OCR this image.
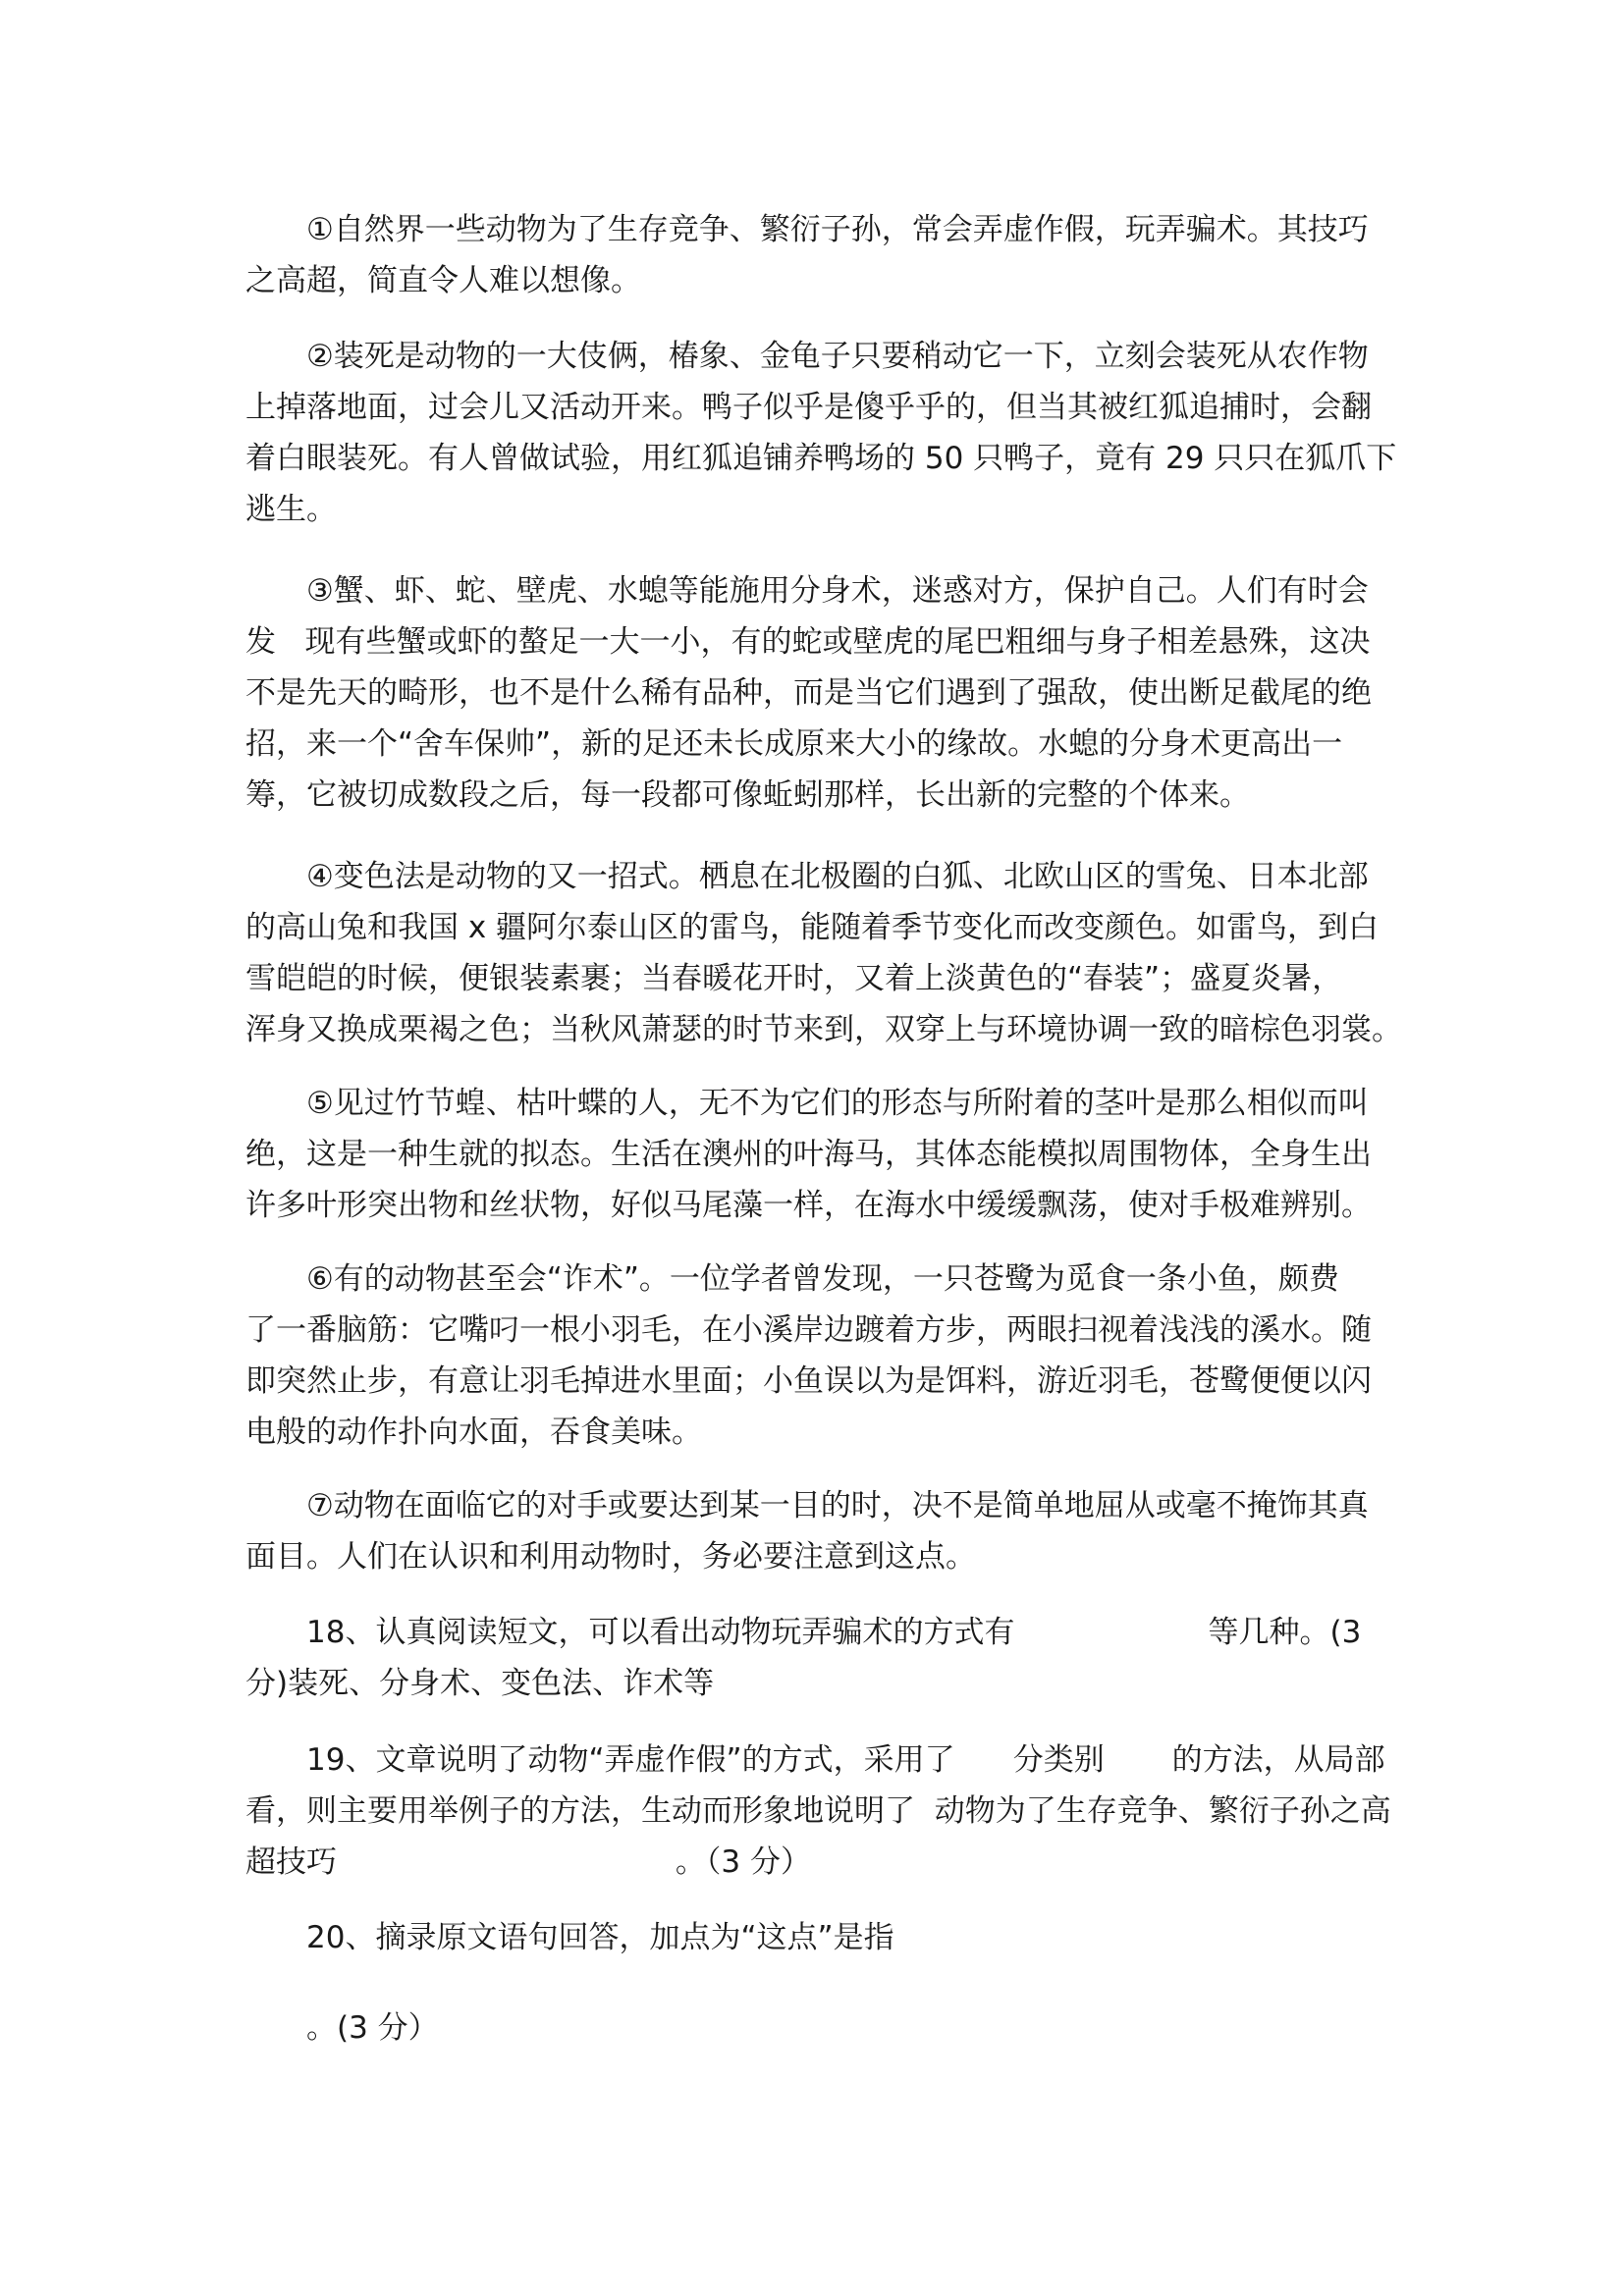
①自然界一些动物为了生存竞争、繁衍子孙，常会弄虚作假，玩弄骗术。其技巧
之高超，简直令人难以想像。
②装死是动物的一大伎俩，椿象、金龟子只要稍动它一下，立刻会装死从农作物
上掉落地面，过会儿又活动开来。鸭子似乎是傻乎乎的，但当其被红狐追捕时，会翻
着白眼装死。有人曾做试验，用红狐追铺养鸭场的 50 只鸭子，竟有 29 只只在狐爪下
逃生。
③蟹、虾、蛇、壁虎、水螅等能施用分身术，迷惑对方，保护自己。人们有时会
发   现有些蟹或虾的螯足一大一小，有的蛇或壁虎的尾巴粗细与身子相差悬殊，这决
不是先天的畸形，也不是什么稀有品种，而是当它们遇到了强敌，使出断足截尾的绝
招，来一个“舍车保帅”，新的足还未长成原来大小的缘故。水螅的分身术更高出一
筹，它被切成数段之后，每一段都可像蚯蚓那样，长出新的完整的个体来。
④变色法是动物的又一招式。栖息在北极圈的白狐、北欧山区的雪兔、日本北部
的高山兔和我国 x 疆阿尔泰山区的雷鸟，能随着季节变化而改变颜色。如雷鸟，到白
雪皑皑的时候，便银装素裹；当春暖花开时，又着上淡黄色的“春装”；盛夏炎暑，
浑身又换成栗褐之色；当秋风萧瑟的时节来到，双穿上与环境协调一致的暗棕色羽裳。
⑤见过竹节蝗、枯叶蝶的人，无不为它们的形态与所附着的茎叶是那么相似而叫
绝，这是一种生就的拟态。生活在澳州的叶海马，其体态能模拟周围物体，全身生出
许多叶形突出物和丝状物，好似马尾藻一样，在海水中缓缓飘荡，使对手极难辨别。
⑥有的动物甚至会“诈术”。一位学者曾发现，一只苍鹭为觅食一条小鱼，颇费
了一番脑筋：它嘴叼一根小羽毛，在小溪岸边踱着方步，两眼扫视着浅浅的溪水。随
即突然止步，有意让羽毛掉进水里面；小鱼误以为是饵料，游近羽毛，苍鹭便便以闪
电般的动作扑向水面，吞食美味。
⑦动物在面临它的对手或要达到某一目的时，决不是简单地屈从或毫不掩饰其真
面目。人们在认识和利用动物时，务必要注意到这点。
18、认真阅读短文，可以看出动物玩弄骗术的方式有                    等几种。(3
分)装死、分身术、变色法、诈术等
19、文章说明了动物“弄虚作假”的方式，采用了      分类别       的方法，从局部
看，则主要用举例子的方法，生动而形象地说明了  动物为了生存竞争、繁衍子孙之高
超技巧                                   。（3 分）
20、摘录原文语句回答，加点为“这点”是指
。(3 分）
